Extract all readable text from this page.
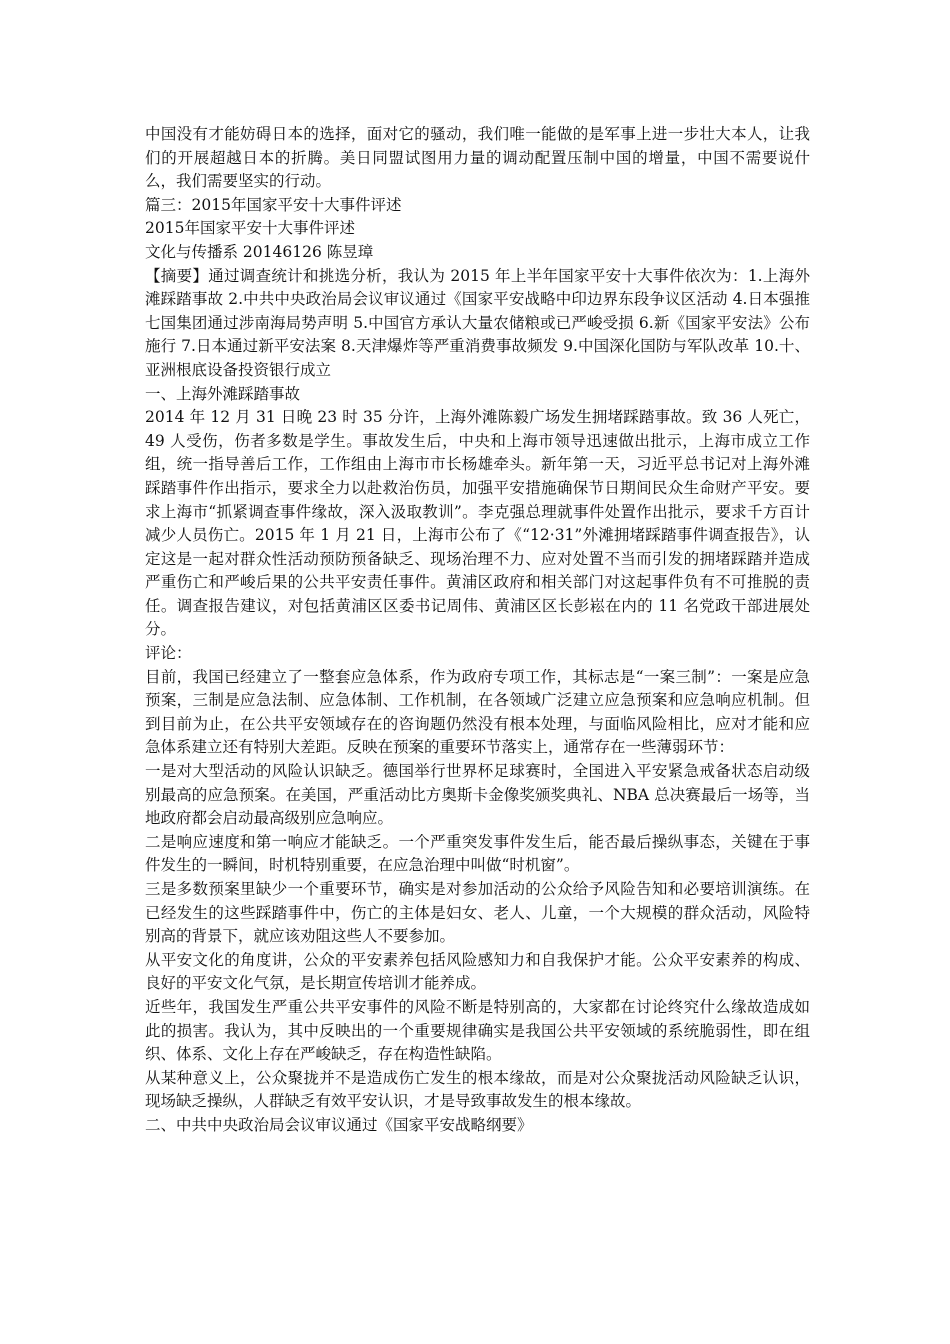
中国没有才能妨碍日本的选择，面对它的骚动，我们唯一能做的是军事上进一步壮大本人，让我们的开展超越日本的折腾。美日同盟试图用力量的调动配置压制中国的增量，中国不需要说什么，我们需要坚实的行动。

篇三：2015年国家平安十大事件评述

2015年国家平安十大事件评述

文化与传播系 20146126 陈昱璋

【摘要】通过调查统计和挑选分析，我认为 2015 年上半年国家平安十大事件依次为：1.上海外滩踩踏事故 2.中共中央政治局会议审议通过《国家平安战略中印边界东段争议区活动 4.日本强推七国集团通过涉南海局势声明 5.中国官方承认大量农储粮或已严峻受损 6.新《国家平安法》公布施行 7.日本通过新平安法案 8.天津爆炸等严重消费事故频发 9.中国深化国防与军队改革 10.十、亚洲根底设备投资银行成立

一、上海外滩踩踏事故

2014 年 12 月 31 日晚 23 时 35 分许，上海外滩陈毅广场发生拥堵踩踏事故。致 36 人死亡，49 人受伤，伤者多数是学生。事故发生后，中央和上海市领导迅速做出批示，上海市成立工作组，统一指导善后工作，工作组由上海市市长杨雄牵头。新年第一天，习近平总书记对上海外滩踩踏事件作出指示，要求全力以赴救治伤员，加强平安措施确保节日期间民众生命财产平安。要求上海市“抓紧调查事件缘故，深入汲取教训”。李克强总理就事件处置作出批示，要求千方百计减少人员伤亡。2015 年 1 月 21 日，上海市公布了《“12·31”外滩拥堵踩踏事件调查报告》，认定这是一起对群众性活动预防预备缺乏、现场治理不力、应对处置不当而引发的拥堵踩踏并造成严重伤亡和严峻后果的公共平安责任事件。黄浦区政府和相关部门对这起事件负有不可推脱的责任。调查报告建议，对包括黄浦区区委书记周伟、黄浦区区长彭崧在内的 11 名党政干部进展处分。

评论：

目前，我国已经建立了一整套应急体系，作为政府专项工作，其标志是“一案三制”：一案是应急预案，三制是应急法制、应急体制、工作机制，在各领域广泛建立应急预案和应急响应机制。但到目前为止，在公共平安领域存在的咨询题仍然没有根本处理，与面临风险相比，应对才能和应急体系建立还有特别大差距。反映在预案的重要环节落实上，通常存在一些薄弱环节：

一是对大型活动的风险认识缺乏。德国举行世界杯足球赛时，全国进入平安紧急戒备状态启动级别最高的应急预案。在美国，严重活动比方奥斯卡金像奖颁奖典礼、NBA 总决赛最后一场等，当地政府都会启动最高级别应急响应。

二是响应速度和第一响应才能缺乏。一个严重突发事件发生后，能否最后操纵事态，关键在于事件发生的一瞬间，时机特别重要，在应急治理中叫做“时机窗”。

三是多数预案里缺少一个重要环节，确实是对参加活动的公众给予风险告知和必要培训演练。在已经发生的这些踩踏事件中，伤亡的主体是妇女、老人、儿童，一个大规模的群众活动，风险特别高的背景下，就应该劝阻这些人不要参加。

从平安文化的角度讲，公众的平安素养包括风险感知力和自我保护才能。公众平安素养的构成、良好的平安文化气氛，是长期宣传培训才能养成。

近些年，我国发生严重公共平安事件的风险不断是特别高的，大家都在讨论终究什么缘故造成如此的损害。我认为，其中反映出的一个重要规律确实是我国公共平安领域的系统脆弱性，即在组织、体系、文化上存在严峻缺乏，存在构造性缺陷。

从某种意义上，公众聚拢并不是造成伤亡发生的根本缘故，而是对公众聚拢活动风险缺乏认识，现场缺乏操纵，人群缺乏有效平安认识，才是导致事故发生的根本缘故。

二、中共中央政治局会议审议通过《国家平安战略纲要》
